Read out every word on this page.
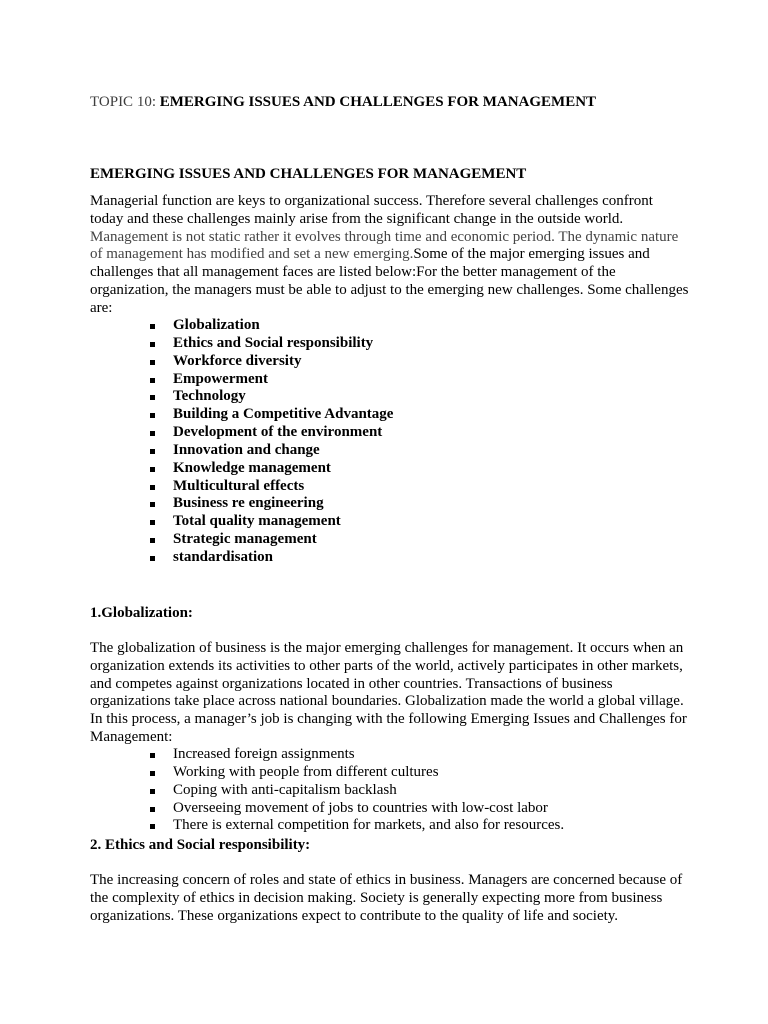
TOPIC 10: EMERGING ISSUES AND CHALLENGES FOR MANAGEMENT

EMERGING ISSUES AND CHALLENGES FOR MANAGEMENT

Managerial function are keys to organizational success. Therefore several challenges confront today and these challenges mainly arise from the significant change in the outside world. Management is not static rather it evolves through time and economic period. The dynamic nature of management has modified and set a new emerging.Some of the major emerging issues and challenges that all management faces are listed below:For the better management of the organization, the managers must be able to adjust to the emerging new challenges. Some challenges are:

Globalization
Ethics and Social responsibility
Workforce diversity
Empowerment
Technology
Building a Competitive Advantage
Development of the environment
Innovation and change
Knowledge management
Multicultural effects
Business re engineering
Total quality management
Strategic management
standardisation

1.Globalization:

The globalization of business is the major emerging challenges for management. It occurs when an organization extends its activities to other parts of the world, actively participates in other markets, and competes against organizations located in other countries. Transactions of business organizations take place across national boundaries. Globalization made the world a global village. In this process, a manager’s job is changing with the following Emerging Issues and Challenges for Management:

Increased foreign assignments
Working with people from different cultures
Coping with anti-capitalism backlash
Overseeing movement of jobs to countries with low-cost labor
There is external competition for markets, and also for resources.

2. Ethics and Social responsibility:

The increasing concern of roles and state of ethics in business. Managers are concerned because of the complexity of ethics in decision making. Society is generally expecting more from business organizations. These organizations expect to contribute to the quality of life and society.
